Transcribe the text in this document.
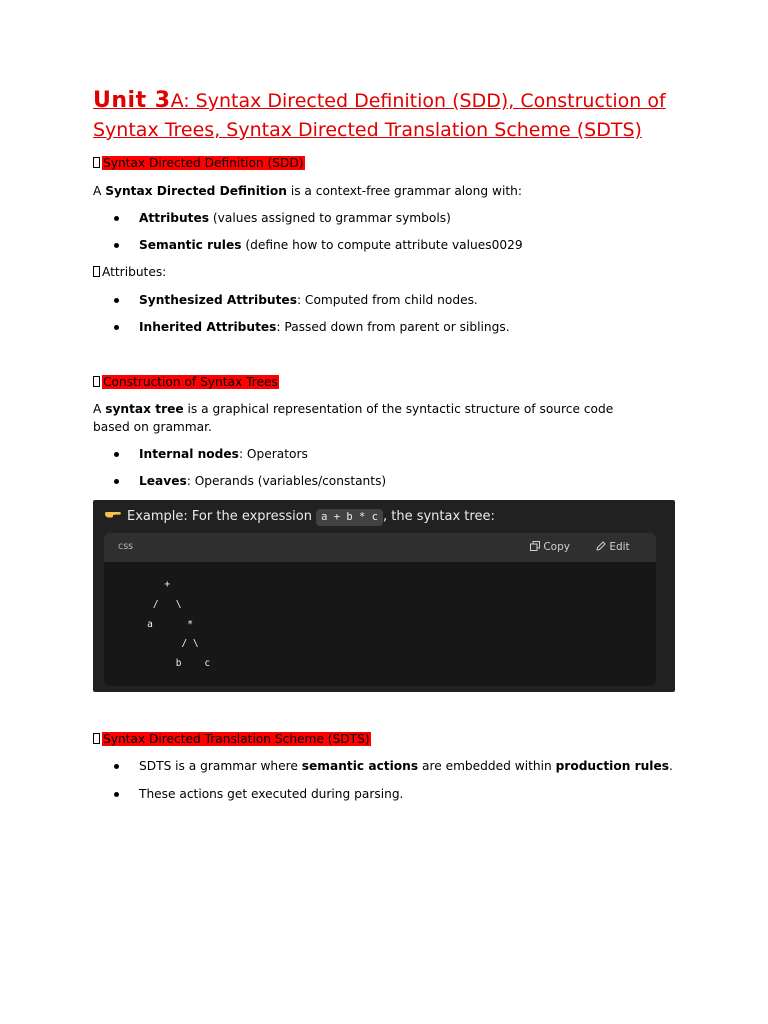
Unit 3A: Syntax Directed Definition (SDD), Construction of Syntax Trees, Syntax Directed Translation Scheme (SDTS)
Syntax Directed Definition (SDD)
A Syntax Directed Definition is a context-free grammar along with:
Attributes (values assigned to grammar symbols)
Semantic rules (define how to compute attribute values0029
Attributes:
Synthesized Attributes: Computed from child nodes.
Inherited Attributes: Passed down from parent or siblings.
Construction of Syntax Trees
A syntax tree is a graphical representation of the syntactic structure of source code based on grammar.
Internal nodes: Operators
Leaves: Operands (variables/constants)
Example: For the expression a + b * c , the syntax tree:
css	Copy	Edit
+
/   \
a      *
/ \
b    c
Syntax Directed Translation Scheme (SDTS)
SDTS is a grammar where semantic actions are embedded within production rules.
These actions get executed during parsing.
